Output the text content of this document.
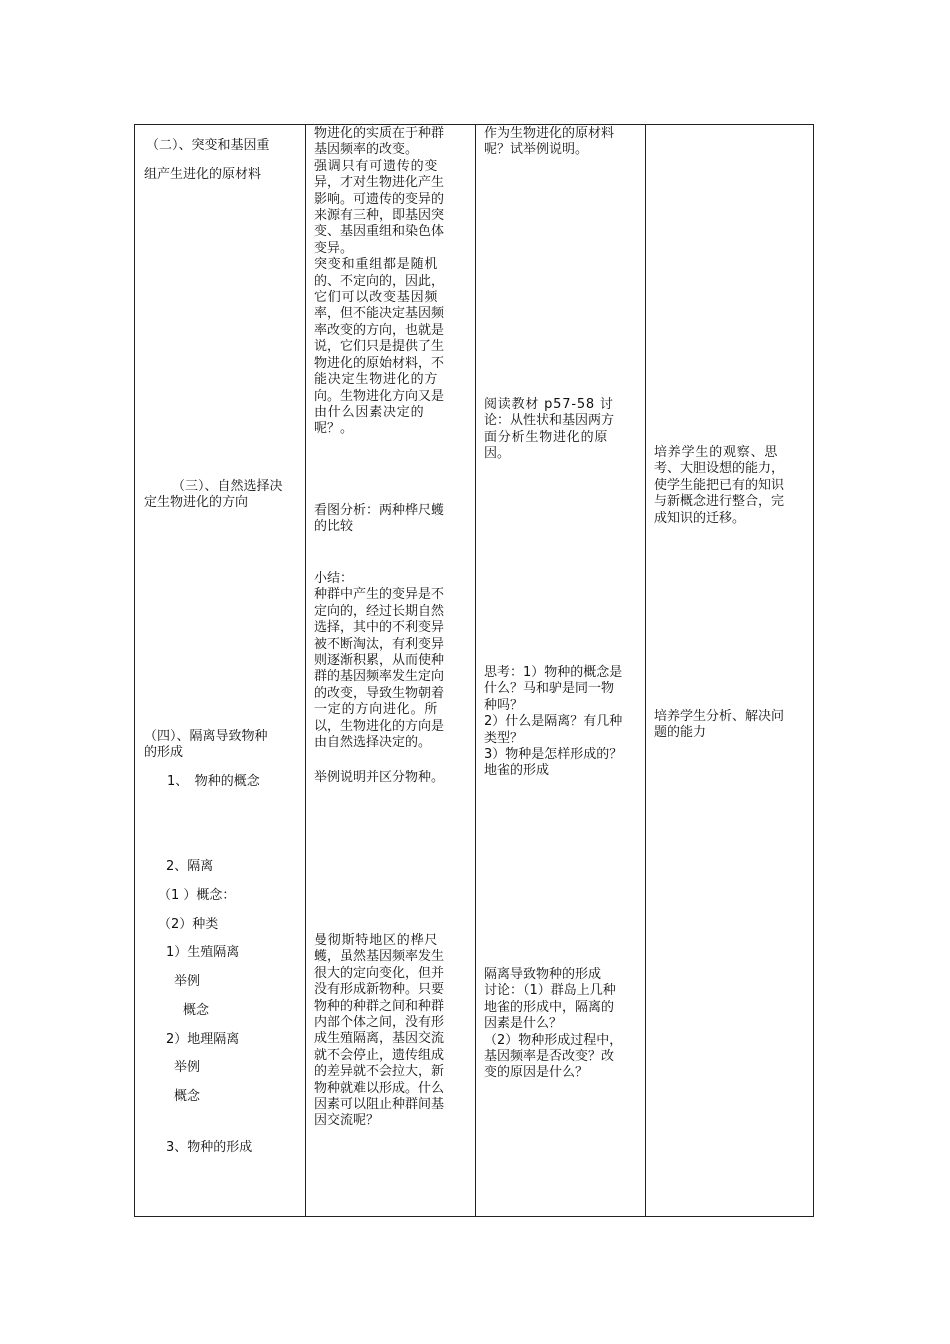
（二）、突变和基因重

组产生进化的原材料

（三）、自然选择决

定生物进化的方向

（四）、隔离导致物种

的形成

1、　物种的概念

2、隔离

（1 ）概念：

（2）种类

1）生殖隔离

举例

概念

2）地理隔离

举例

概念

3、物种的形成

物进化的实质在于种群

基因频率的改变。

强调只有可遗传的变

异，才对生物进化产生

影响。可遗传的变异的

来源有三种，即基因突

变、基因重组和染色体

变异。

突变和重组都是随机

的、不定向的，因此，

它们可以改变基因频

率，但不能决定基因频

率改变的方向，也就是

说，它们只是提供了生

物进化的原始材料，不

能决定生物进化的方

向。生物进化方向又是

由什么因素决定的

呢？。

看图分析：两种桦尺蠖

的比较

小结：

种群中产生的变异是不

定向的，经过长期自然

选择，其中的不利变异

被不断淘汰，有利变异

则逐渐积累，从而使种

群的基因频率发生定向

的改变，导致生物朝着

一定的方向进化。所

以，生物进化的方向是

由自然选择决定的。

举例说明并区分物种。

曼彻斯特地区的桦尺

蠖，虽然基因频率发生

很大的定向变化，但并

没有形成新物种。只要

物种的种群之间和种群

内部个体之间，没有形

成生殖隔离，基因交流

就不会停止，遗传组成

的差异就不会拉大，新

物种就难以形成。什么

因素可以阻止种群间基

因交流呢？

作为生物进化的原材料

呢？试举例说明。

阅读教材 p57-58 讨

论：从性状和基因两方

面分析生物进化的原

因。

思考：1）物种的概念是

什么？马和驴是同一物

种吗？

2）什么是隔离？有几种

类型？

3）物种是怎样形成的？

地雀的形成

隔离导致物种的形成

讨论：（1）群岛上几种

地雀的形成中，隔离的

因素是什么？

（2）物种形成过程中，

基因频率是否改变？改

变的原因是什么？

培养学生的观察、思

考、大胆设想的能力，

使学生能把已有的知识

与新概念进行整合，完

成知识的迁移。

培养学生分析、解决问

题的能力
